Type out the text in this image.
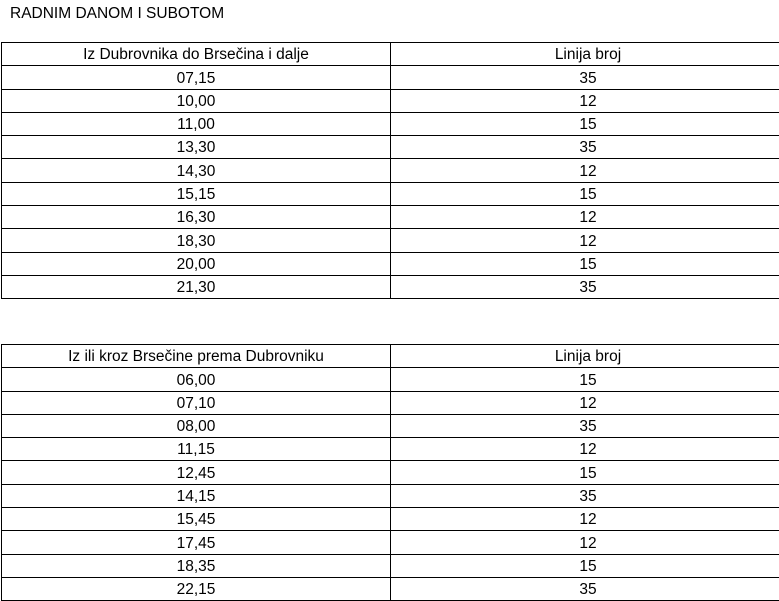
RADNIM DANOM I SUBOTOM
Iz Dubrovnika do Brsečina i dalje	Linija broj
07,15	35
10,00	12
11,00	15
13,30	35
14,30	12
15,15	15
16,30	12
18,30	12
20,00	15
21,30	35
Iz ili kroz Brsečine prema Dubrovniku	Linija broj
06,00	15
07,10	12
08,00	35
11,15	12
12,45	15
14,15	35
15,45	12
17,45	12
18,35	15
22,15	35
